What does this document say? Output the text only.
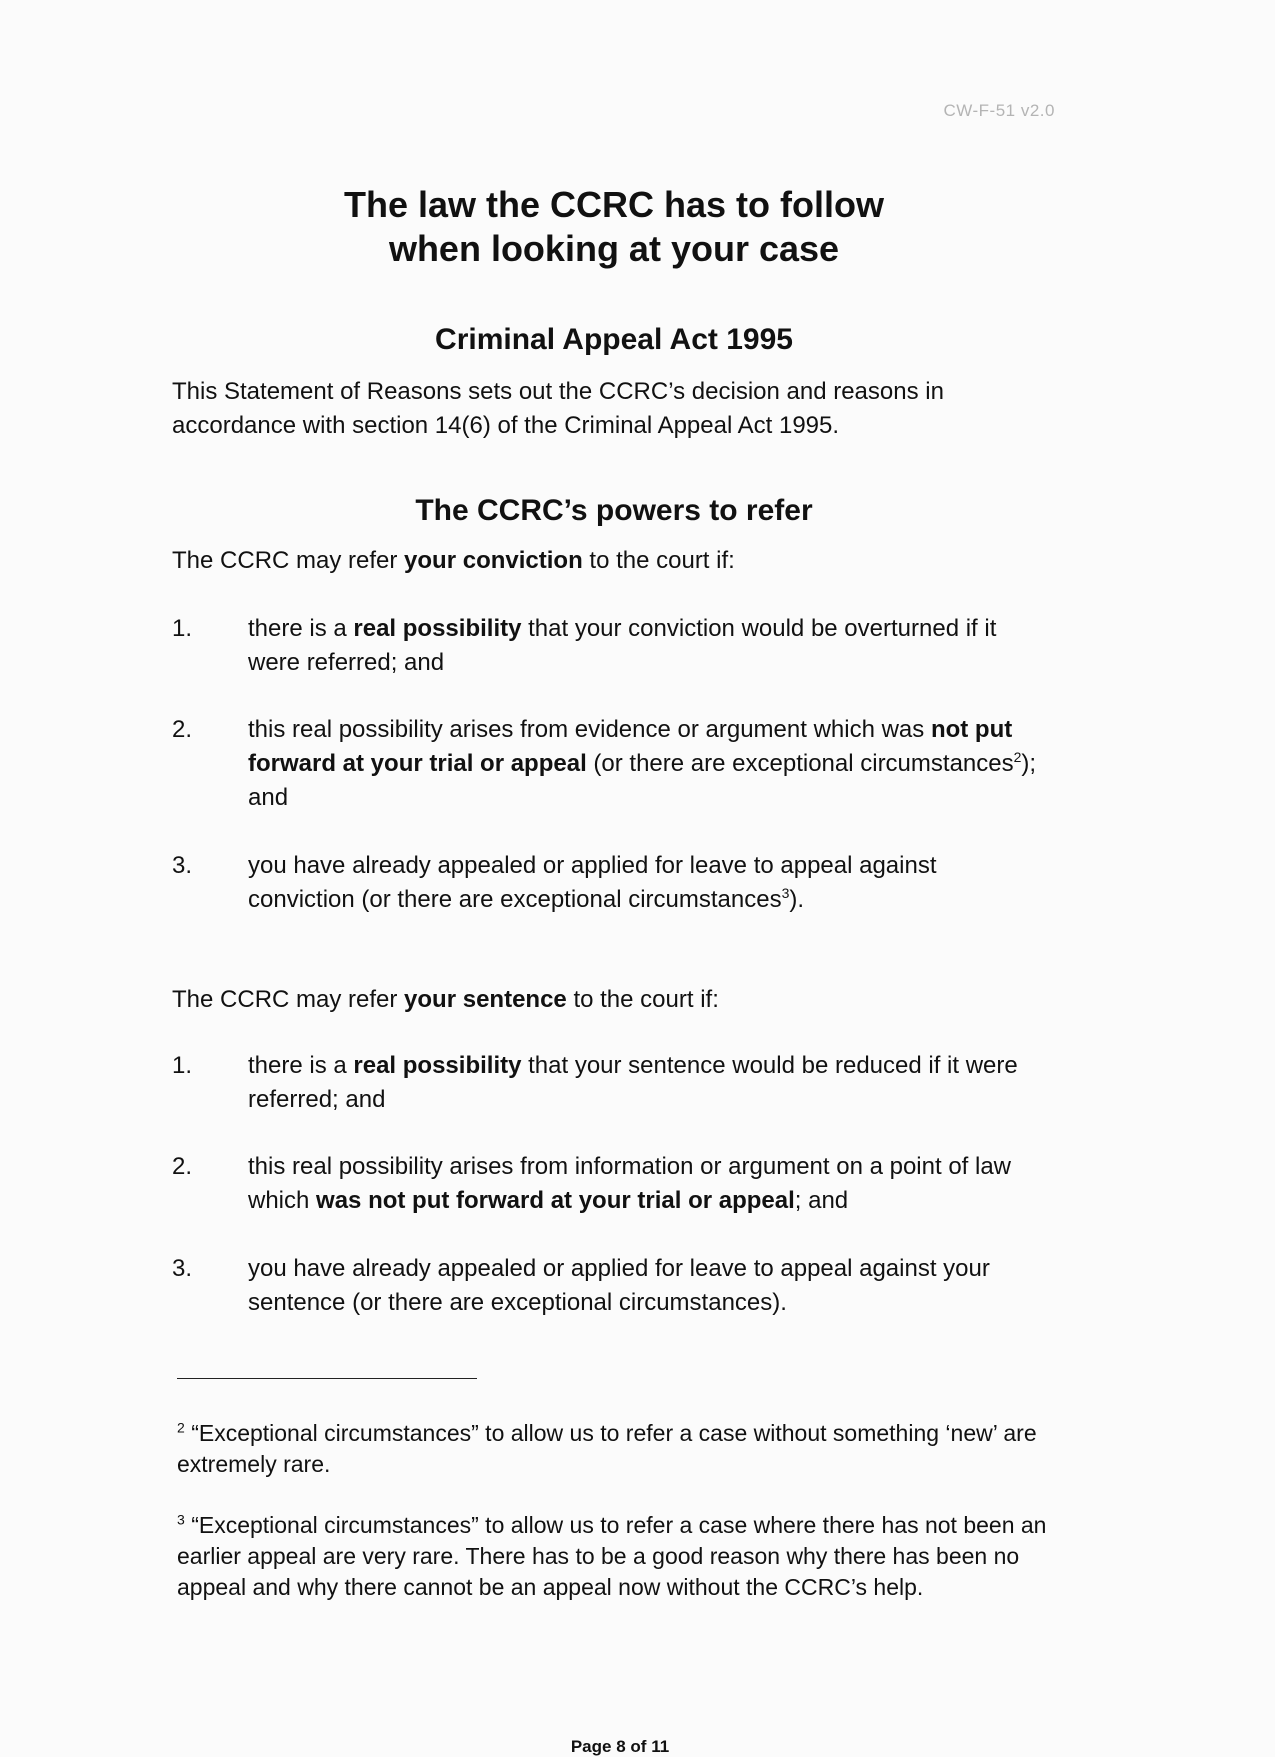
CW-F-51 v2.0
The law the CCRC has to follow
when looking at your case
Criminal Appeal Act 1995

This Statement of Reasons sets out the CCRC’s decision and reasons in accordance with section 14(6) of the Criminal Appeal Act 1995.

The CCRC’s powers to refer

The CCRC may refer your conviction to the court if:

1.	there is a real possibility that your conviction would be overturned if it were referred; and
2.	this real possibility arises from evidence or argument which was not put forward at your trial or appeal (or there are exceptional circumstances$^2$); and
3.	you have already appealed or applied for leave to appeal against conviction (or there are exceptional circumstances$^3$).

The CCRC may refer your sentence to the court if:

1.	there is a real possibility that your sentence would be reduced if it were referred; and
2.	this real possibility arises from information or argument on a point of law which was not put forward at your trial or appeal; and
3.	you have already appealed or applied for leave to appeal against your sentence (or there are exceptional circumstances).
$^2$ “Exceptional circumstances” to allow us to refer a case without something ‘new’ are extremely rare.
$^3$ “Exceptional circumstances” to allow us to refer a case where there has not been an earlier appeal are very rare. There has to be a good reason why there has been no appeal and why there cannot be an appeal now without the CCRC’s help.
Page 8 of 11
